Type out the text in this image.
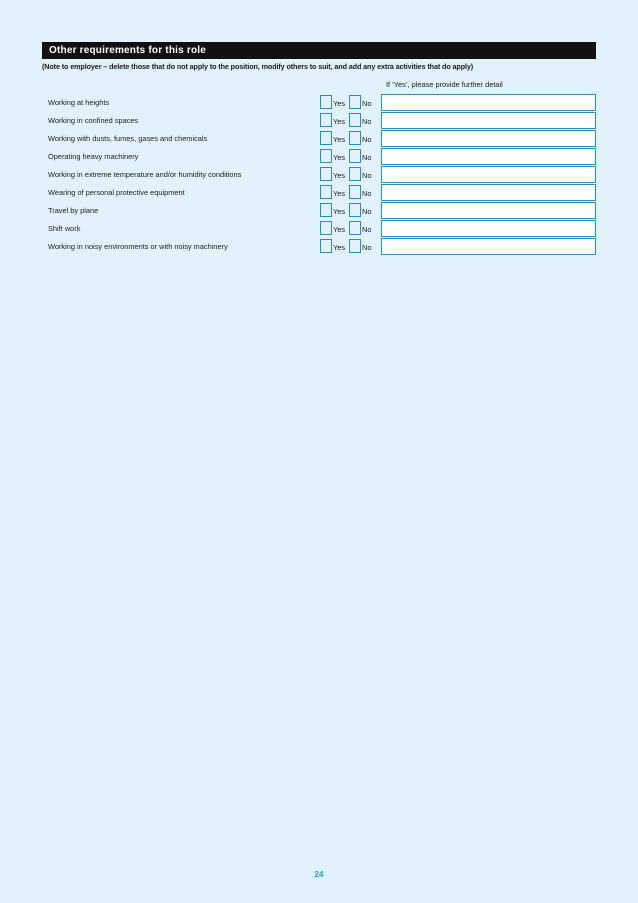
Other requirements for this role
(Note to employer – delete those that do not apply to the position, modify others to suit, and add any extra activities that do apply)
If ‘Yes’, please provide further detail
Working at heights	Yes No
Working in confined spaces	Yes No
Working with dusts, fumes, gases and chemicals	Yes No
Operating heavy machinery	Yes No
Working in extreme temperature and/or humidity conditions	Yes No
Wearing of personal protective equipment	Yes No
Travel by plane	Yes No
Shift work	Yes No
Working in noisy environments or with noisy machinery	Yes No
24
